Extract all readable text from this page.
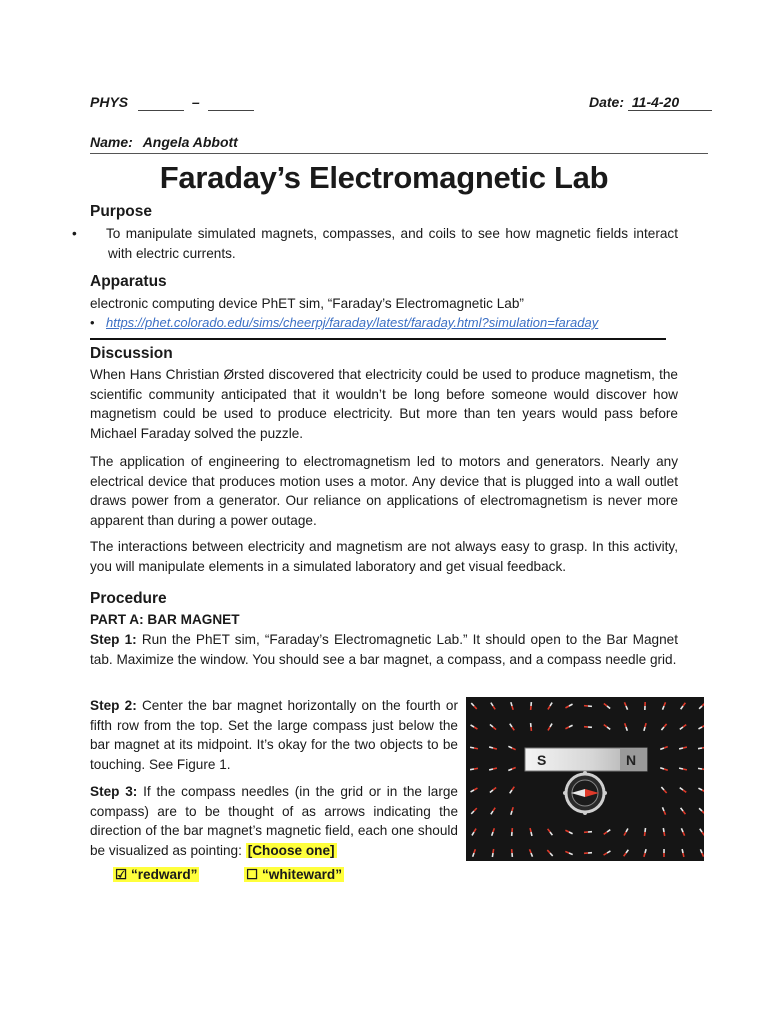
PHYS	–	Date: 11-4-20
Name: Angela Abbott
Faraday’s Electromagnetic Lab
Purpose
• To manipulate simulated magnets, compasses, and coils to see how magnetic fields interact with electric currents.
Apparatus
electronic computing device PhET sim, “Faraday’s Electromagnetic Lab”
• https://phet.colorado.edu/sims/cheerpj/faraday/latest/faraday.html?simulation=faraday
Discussion
When Hans Christian Ørsted discovered that electricity could be used to produce magnetism, the scientific community anticipated that it wouldn’t be long before someone would discover how magnetism could be used to produce electricity. But more than ten years would pass before Michael Faraday solved the puzzle.
The application of engineering to electromagnetism led to motors and generators. Nearly any electrical device that produces motion uses a motor. Any device that is plugged into a wall outlet draws power from a generator. Our reliance on applications of electromagnetism is never more apparent than during a power outage.
The interactions between electricity and magnetism are not always easy to grasp. In this activity, you will manipulate elements in a simulated laboratory and get visual feedback.
Procedure
PART A: BAR MAGNET
Step 1: Run the PhET sim, “Faraday’s Electromagnetic Lab.” It should open to the Bar Magnet tab. Maximize the window. You should see a bar magnet, a compass, and a compass needle grid.
Step 2: Center the bar magnet horizontally on the fourth or fifth row from the top. Set the large compass just below the bar magnet at its midpoint. It’s okay for the two objects to be touching. See Figure 1.
Step 3: If the compass needles (in the grid or in the large compass) are to be thought of as arrows indicating the direction of the bar magnet’s magnetic field, each one should be visualized as pointing: [Choose one]
☑ “redward”	☐ “whiteward”
S	N
